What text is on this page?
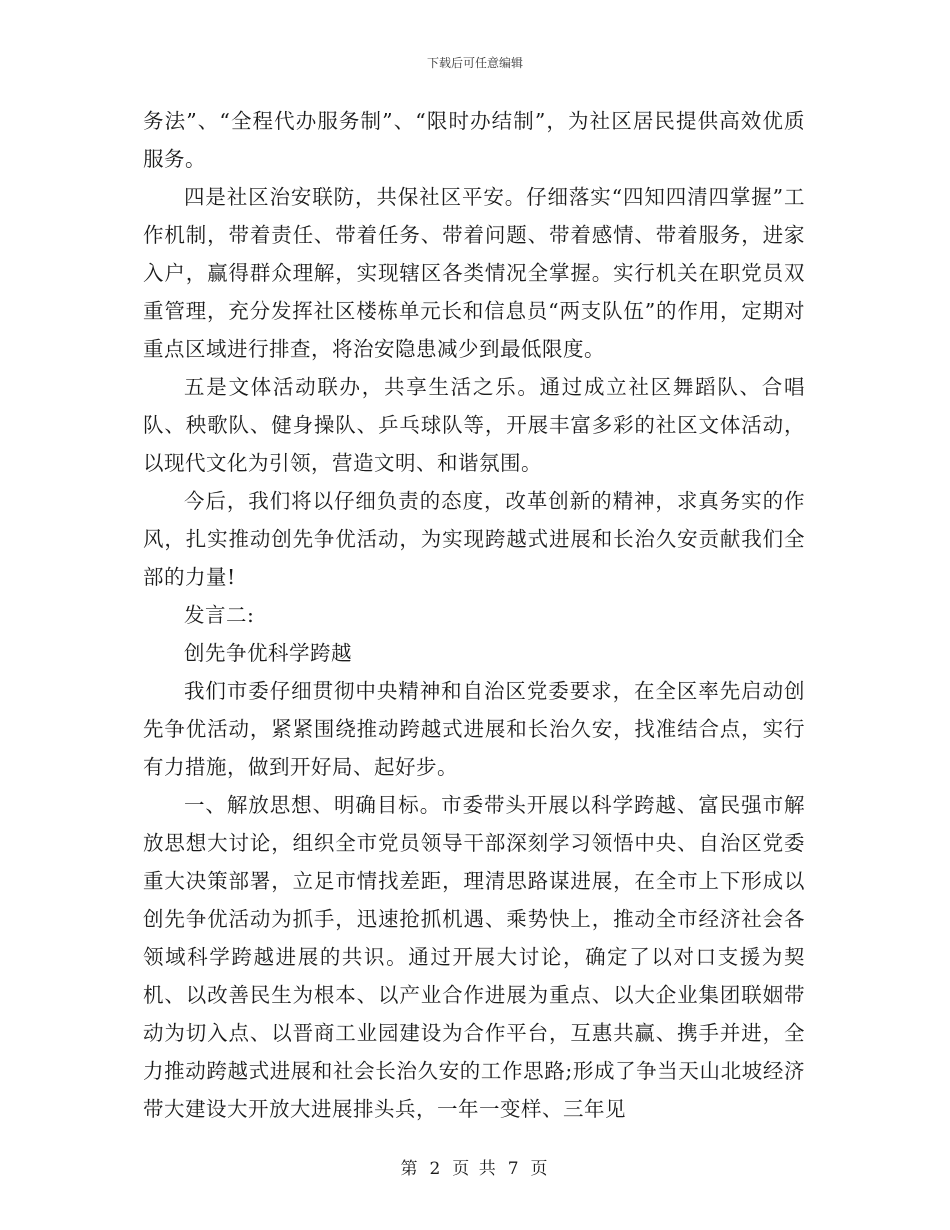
下载后可任意编辑

务法”、“全程代办服务制”、“限时办结制”，为社区居民提供高效优质服务。

四是社区治安联防，共保社区平安。仔细落实“四知四清四掌握”工作机制，带着责任、带着任务、带着问题、带着感情、带着服务，进家入户，赢得群众理解，实现辖区各类情况全掌握。实行机关在职党员双重管理，充分发挥社区楼栋单元长和信息员“两支队伍”的作用，定期对重点区域进行排查，将治安隐患减少到最低限度。

五是文体活动联办，共享生活之乐。通过成立社区舞蹈队、合唱队、秧歌队、健身操队、乒乓球队等，开展丰富多彩的社区文体活动，以现代文化为引领，营造文明、和谐氛围。

今后，我们将以仔细负责的态度，改革创新的精神，求真务实的作风，扎实推动创先争优活动，为实现跨越式进展和长治久安贡献我们全部的力量!

发言二:

创先争优科学跨越

我们市委仔细贯彻中央精神和自治区党委要求，在全区率先启动创先争优活动，紧紧围绕推动跨越式进展和长治久安，找准结合点，实行有力措施，做到开好局、起好步。

一、解放思想、明确目标。市委带头开展以科学跨越、富民强市解放思想大讨论，组织全市党员领导干部深刻学习领悟中央、自治区党委重大决策部署，立足市情找差距，理清思路谋进展，在全市上下形成以创先争优活动为抓手，迅速抢抓机遇、乘势快上，推动全市经济社会各领域科学跨越进展的共识。通过开展大讨论，确定了以对口支援为契机、以改善民生为根本、以产业合作进展为重点、以大企业集团联姻带动为切入点、以晋商工业园建设为合作平台，互惠共赢、携手并进，全力推动跨越式进展和社会长治久安的工作思路;形成了争当天山北坡经济带大建设大开放大进展排头兵，一年一变样、三年见

第 2 页 共 7 页
